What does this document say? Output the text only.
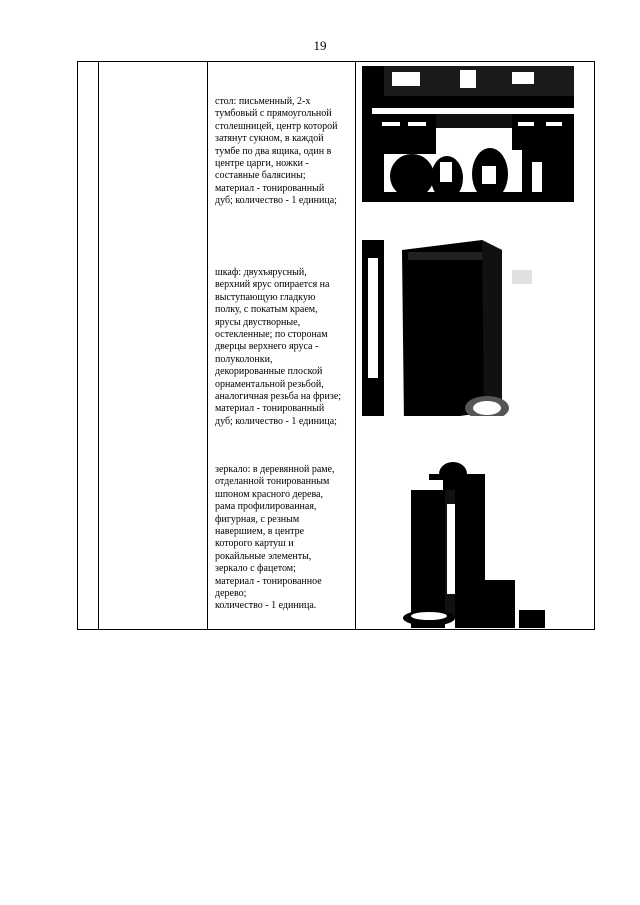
19
стол: письменный, 2-х
тумбовый с прямоугольной
столешницей, центр которой
затянут сукном, в каждой
тумбе по два ящика, один в
центре царги, ножки -
составные балясины;
материал - тонированный
дуб; количество - 1 единица;
шкаф: двухъярусный,
верхний ярус опирается на
выступающую гладкую
полку, с покатым краем,
ярусы двустворные,
остекленные; по сторонам
дверцы верхнего яруса -
полуколонки,
декорированные плоской
орнаментальной резьбой,
аналогичная резьба на фризе;
материал - тонированный
дуб; количество - 1 единица;
зеркало: в деревянной раме,
отделанной тонированным
шпоном красного дерева,
рама профилированная,
фигурная, с резным
навершием, в центре
которого картуш и
рокайльные элементы,
зеркало с фацетом;
материал - тонированное
дерево;
количество - 1 единица.
